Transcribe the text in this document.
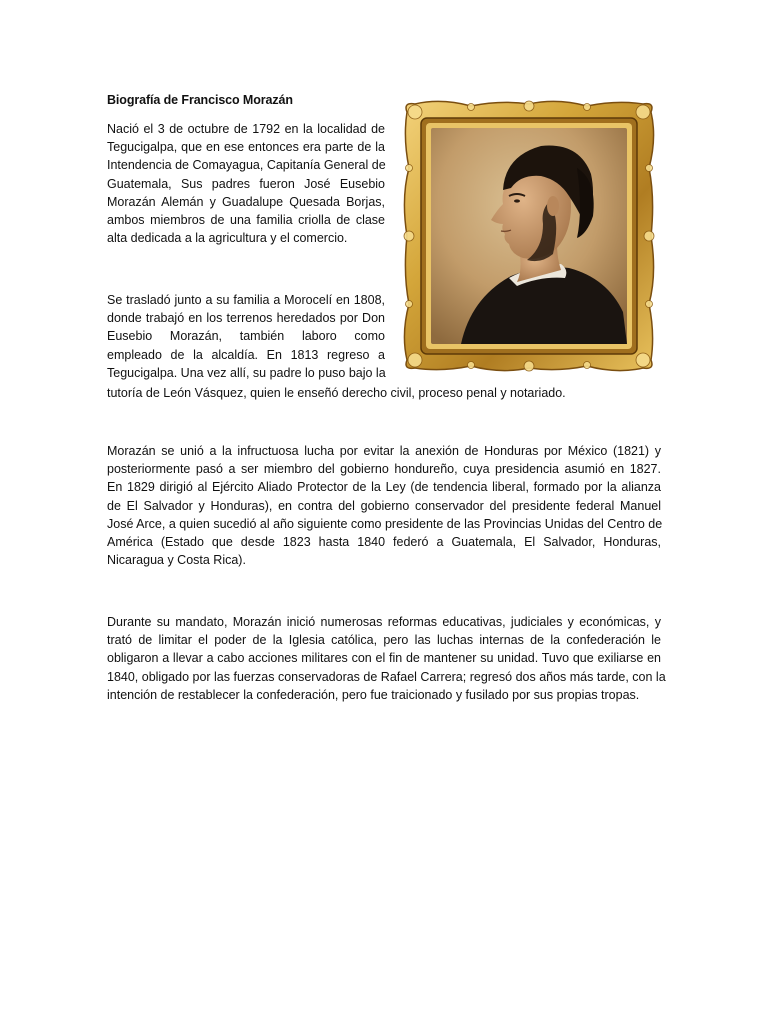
Biografía de Francisco Morazán

Nació el 3 de octubre de 1792 en la localidad de
Tegucigalpa, que en ese entonces era parte de la
Intendencia de Comayagua, Capitanía General de
Guatemala, Sus padres fueron José Eusebio
Morazán Alemán y Guadalupe Quesada Borjas,
ambos miembros de una familia criolla de clase
alta dedicada a la agricultura y el comercio.

Se trasladó junto a su familia a Morocelí en 1808,
donde trabajó en los terrenos heredados por Don
Eusebio Morazán, también laboro como
empleado de la alcaldía. En 1813 regreso a
Tegucigalpa. Una vez allí, su padre lo puso bajo la

tutoría de León Vásquez, quien le enseñó derecho civil, proceso penal y notariado.

Morazán se unió a la infructuosa lucha por evitar la anexión de Honduras por México (1821) y
posteriormente pasó a ser miembro del gobierno hondureño, cuya presidencia asumió en 1827.
En 1829 dirigió al Ejército Aliado Protector de la Ley (de tendencia liberal, formado por la alianza
de El Salvador y Honduras), en contra del gobierno conservador del presidente federal Manuel
José Arce, a quien sucedió al año siguiente como presidente de las Provincias Unidas del Centro de
América (Estado que desde 1823 hasta 1840 federó a Guatemala, El Salvador, Honduras,
Nicaragua y Costa Rica).

Durante su mandato, Morazán inició numerosas reformas educativas, judiciales y económicas, y
trató de limitar el poder de la Iglesia católica, pero las luchas internas de la confederación le
obligaron a llevar a cabo acciones militares con el fin de mantener su unidad. Tuvo que exiliarse en
1840, obligado por las fuerzas conservadoras de Rafael Carrera; regresó dos años más tarde, con la
intención de restablecer la confederación, pero fue traicionado y fusilado por sus propias tropas.
